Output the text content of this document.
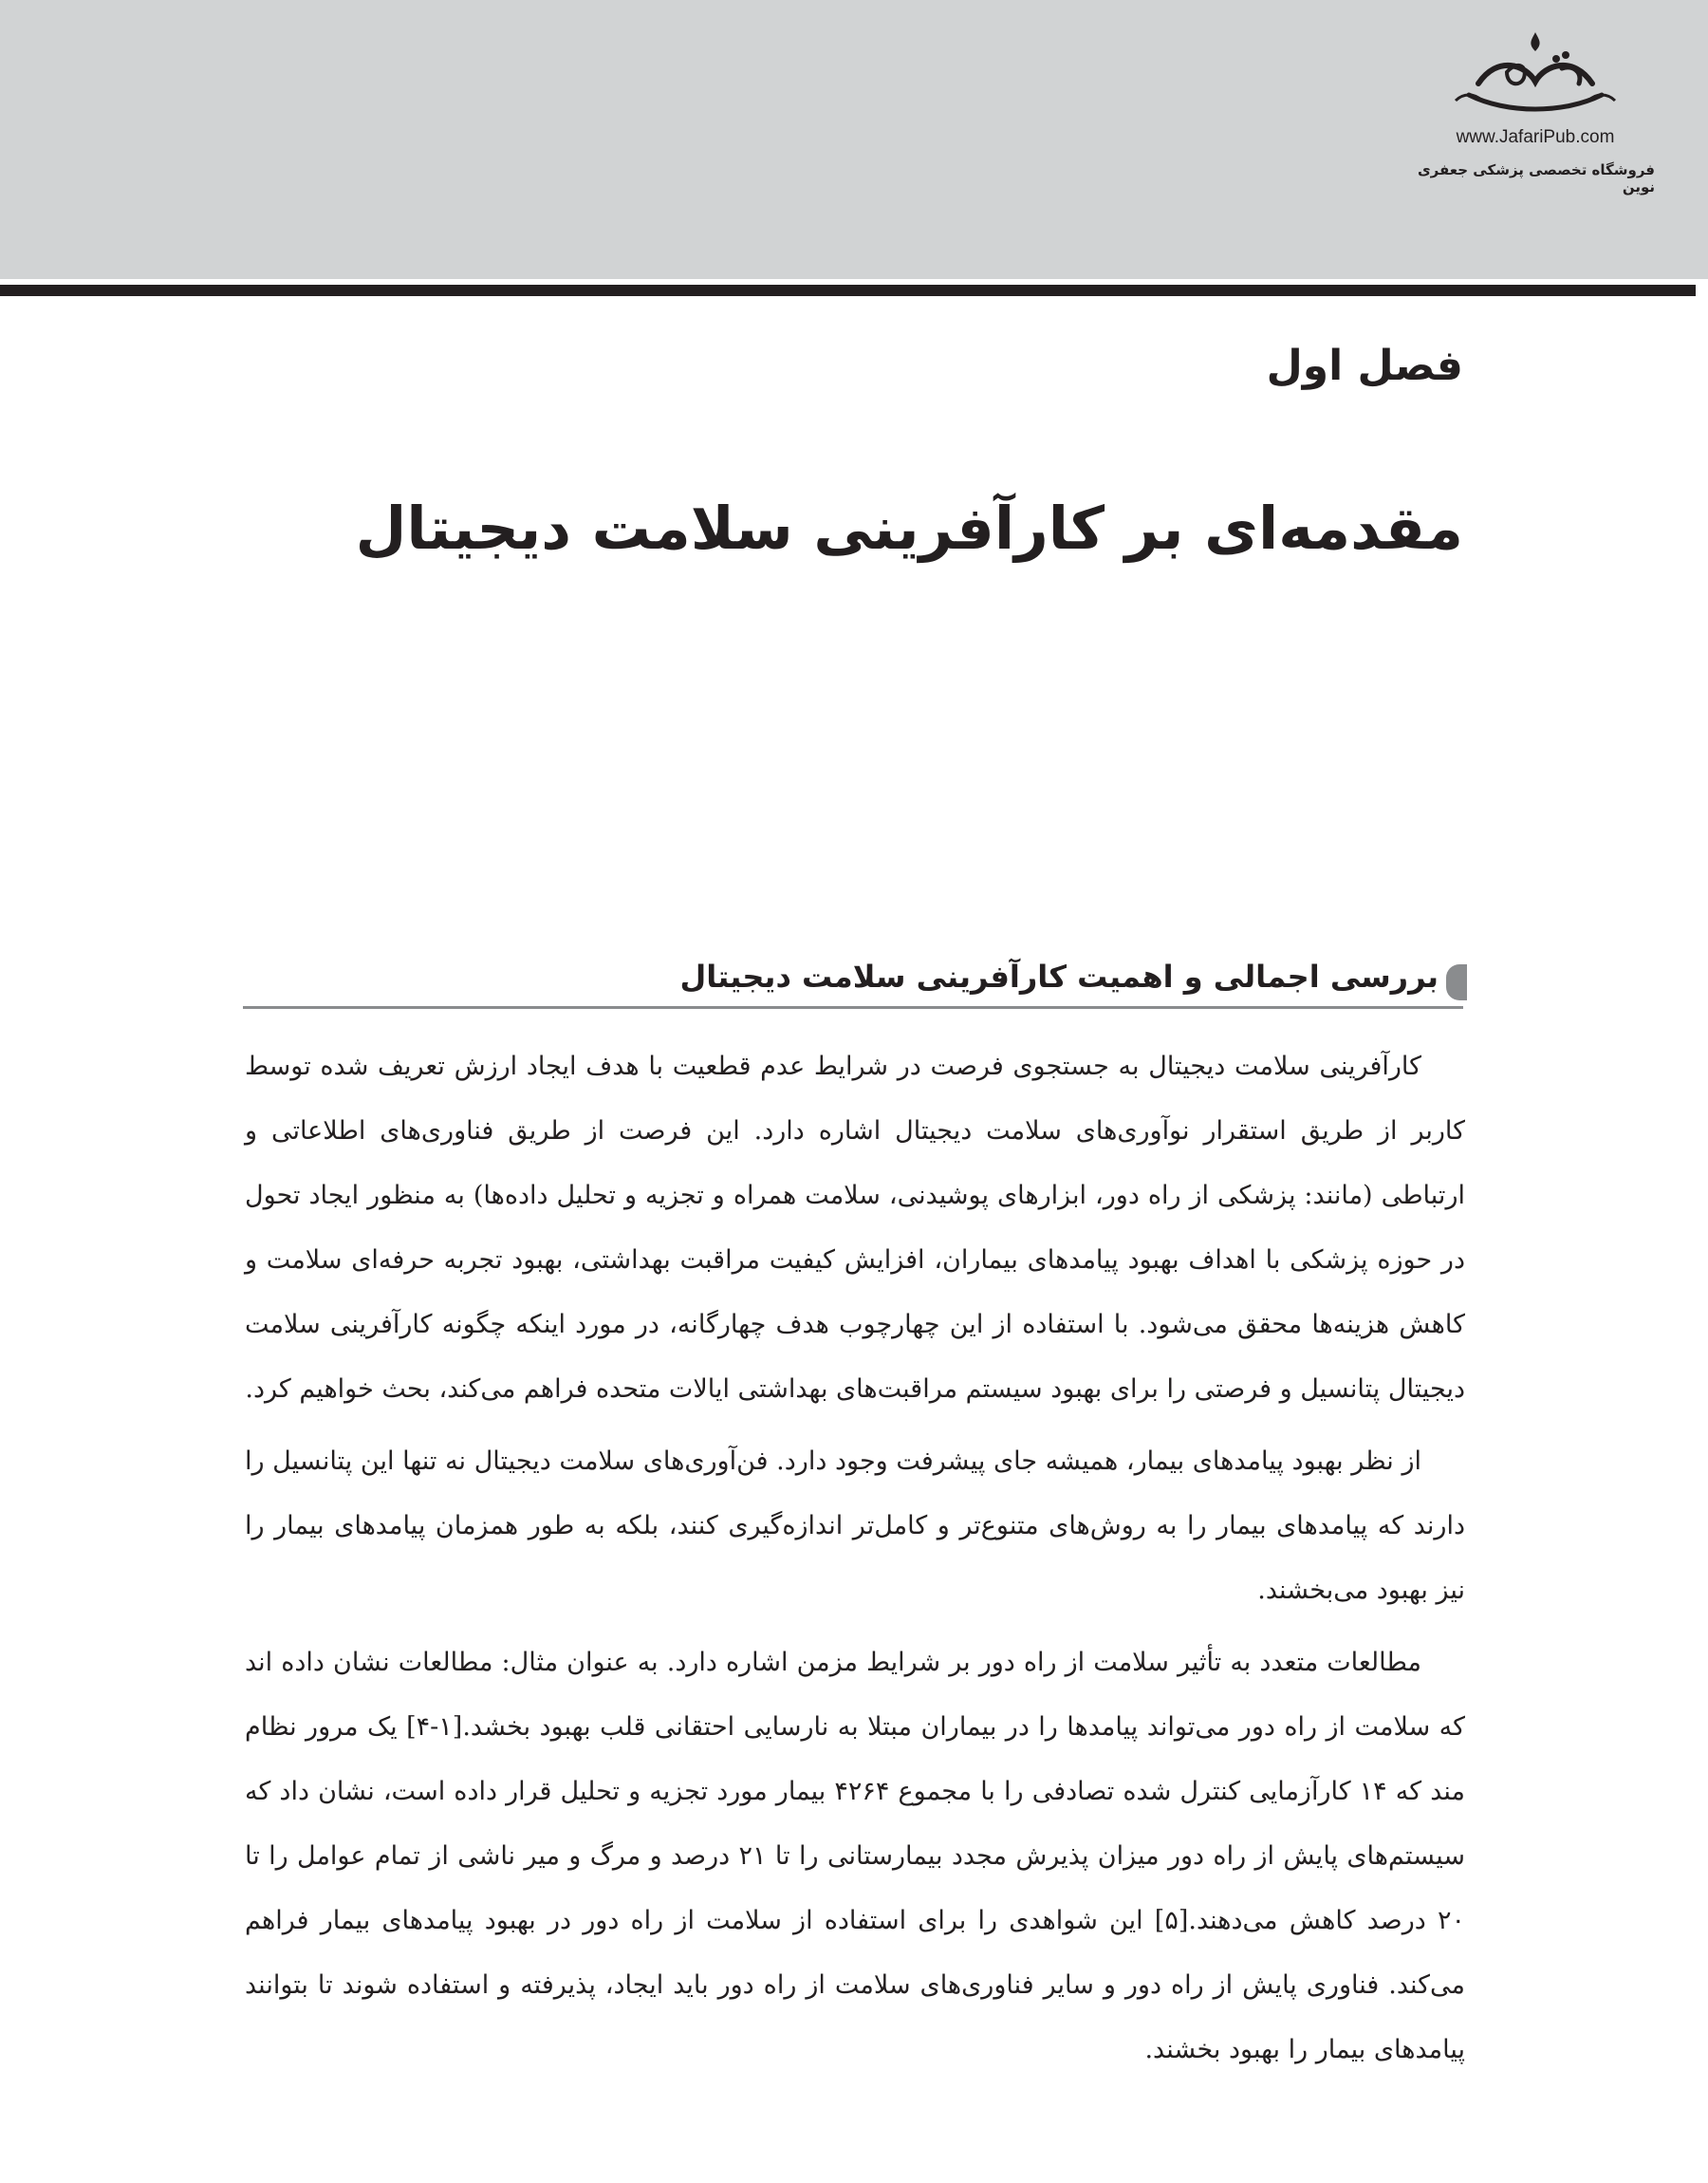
www.JafariPub.com
فروشگاه تخصصی پزشکی جعفری نوین
فصل اول
مقدمه‌ای بر کارآفرینی سلامت دیجیتال
بررسی اجمالی و اهمیت کارآفرینی سلامت دیجیتال

کارآفرینی سلامت دیجیتال به جستجوی فرصت در شرایط عدم قطعیت با هدف ایجاد ارزش تعریف شده توسط کاربر از طریق استقرار نوآوری‌های سلامت دیجیتال اشاره دارد. این فرصت از طریق فناوری‌های اطلاعاتی و ارتباطی (مانند: پزشکی از راه دور، ابزارهای پوشیدنی، سلامت همراه و تجزیه و تحلیل داده‌ها) به منظور ایجاد تحول در حوزه پزشکی با اهداف بهبود پیامدهای بیماران، افزایش کیفیت مراقبت بهداشتی، بهبود تجربه حرفه‌ای سلامت و کاهش هزینه‌ها محقق می‌شود. با استفاده از این چهارچوب هدف چهارگانه، در مورد اینکه چگونه کارآفرینی سلامت دیجیتال پتانسیل و فرصتی را برای بهبود سیستم مراقبت‌های بهداشتی ایالات متحده فراهم می‌کند، بحث خواهیم کرد.

از نظر بهبود پیامدهای بیمار، همیشه جای پیشرفت وجود دارد. فن‌آوری‌های سلامت دیجیتال نه تنها این پتانسیل را دارند که پیامدهای بیمار را به روش‌های متنوع‌تر و کامل‌تر اندازه‌گیری کنند، بلکه به طور همزمان پیامدهای بیمار را نیز بهبود می‌بخشند.

مطالعات متعدد به تأثیر سلامت از راه دور بر شرایط مزمن اشاره دارد. به عنوان مثال: مطالعات نشان داده اند که سلامت از راه دور می‌تواند پیامدها را در بیماران مبتلا به نارسایی احتقانی قلب بهبود بخشد.[۱-۴] یک مرور نظام مند که ۱۴ کارآزمایی کنترل شده تصادفی را با مجموع ۴۲۶۴ بیمار مورد تجزیه و تحلیل قرار داده است، نشان داد که سیستم‌های پایش از راه دور میزان پذیرش مجدد بیمارستانی را تا ۲۱ درصد و مرگ و میر ناشی از تمام عوامل را تا ۲۰ درصد کاهش می‌دهند.[۵] این شواهدی را برای استفاده از سلامت از راه دور در بهبود پیامدهای بیمار فراهم می‌کند. فناوری پایش از راه دور و سایر فناوری‌های سلامت از راه دور باید ایجاد، پذیرفته و استفاده شوند تا بتوانند پیامدهای بیمار را بهبود بخشند.
